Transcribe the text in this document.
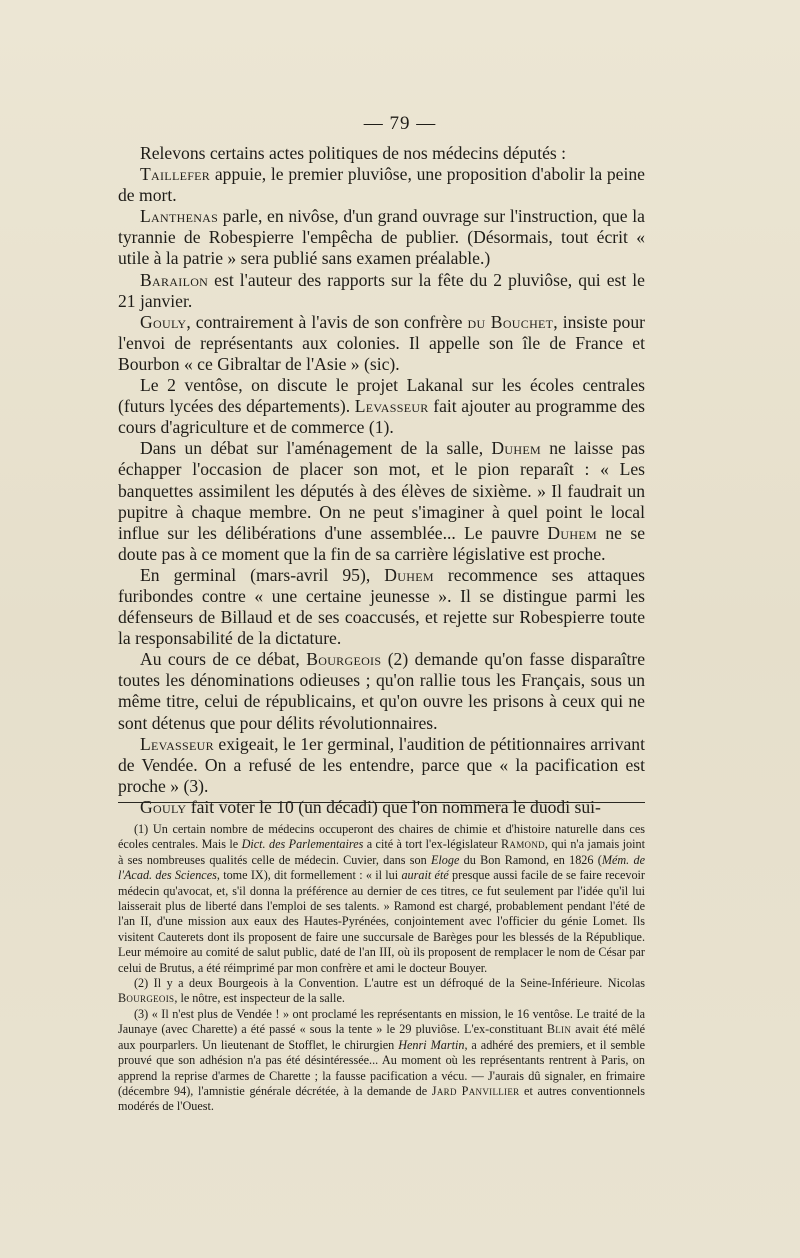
— 79 —

Relevons certains actes politiques de nos médecins députés :

Taillefer appuie, le premier pluviôse, une proposition d'abolir la peine de mort.

Lanthenas parle, en nivôse, d'un grand ouvrage sur l'instruction, que la tyrannie de Robespierre l'empêcha de publier. (Désormais, tout écrit « utile à la patrie » sera publié sans examen préalable.)

Barailon est l'auteur des rapports sur la fête du 2 pluviôse, qui est le 21 janvier.

Gouly, contrairement à l'avis de son confrère du Bouchet, insiste pour l'envoi de représentants aux colonies. Il appelle son île de France et Bourbon « ce Gibraltar de l'Asie » (sic).

Le 2 ventôse, on discute le projet Lakanal sur les écoles centrales (futurs lycées des départements). Levasseur fait ajouter au programme des cours d'agriculture et de commerce (1).

Dans un débat sur l'aménagement de la salle, Duhem ne laisse pas échapper l'occasion de placer son mot, et le pion reparaît : « Les banquettes assimilent les députés à des élèves de sixième. » Il faudrait un pupitre à chaque membre. On ne peut s'imaginer à quel point le local influe sur les délibérations d'une assemblée... Le pauvre Duhem ne se doute pas à ce moment que la fin de sa carrière législative est proche.

En germinal (mars-avril 95), Duhem recommence ses attaques furibondes contre « une certaine jeunesse ». Il se distingue parmi les défenseurs de Billaud et de ses coaccusés, et rejette sur Robespierre toute la responsabilité de la dictature.

Au cours de ce débat, Bourgeois (2) demande qu'on fasse disparaître toutes les dénominations odieuses ; qu'on rallie tous les Français, sous un même titre, celui de républicains, et qu'on ouvre les prisons à ceux qui ne sont détenus que pour délits révolutionnaires.

Levasseur exigeait, le 1er germinal, l'audition de pétitionnaires arrivant de Vendée. On a refusé de les entendre, parce que « la pacification est proche » (3).

Gouly fait voter le 10 (un décadi) que l'on nommera le duodi sui-

(1) Un certain nombre de médecins occuperont des chaires de chimie et d'histoire naturelle dans ces écoles centrales. Mais le Dict. des Parlementaires a cité à tort l'ex-législateur Ramond, qui n'a jamais joint à ses nombreuses qualités celle de médecin. Cuvier, dans son Eloge du Bon Ramond, en 1826 (Mém. de l'Acad. des Sciences, tome IX), dit formellement : « il lui aurait été presque aussi facile de se faire recevoir médecin qu'avocat, et, s'il donna la préférence au dernier de ces titres, ce fut seulement par l'idée qu'il lui laisserait plus de liberté dans l'emploi de ses talents. » Ramond est chargé, probablement pendant l'été de l'an II, d'une mission aux eaux des Hautes-Pyrénées, conjointement avec l'officier du génie Lomet. Ils visitent Cauterets dont ils proposent de faire une succursale de Barèges pour les blessés de la République. Leur mémoire au comité de salut public, daté de l'an III, où ils proposent de remplacer le nom de César par celui de Brutus, a été réimprimé par mon confrère et ami le docteur Bouyer.

(2) Il y a deux Bourgeois à la Convention. L'autre est un défroqué de la Seine-Inférieure. Nicolas Bourgeois, le nôtre, est inspecteur de la salle.

(3) « Il n'est plus de Vendée ! » ont proclamé les représentants en mission, le 16 ventôse. Le traité de la Jaunaye (avec Charette) a été passé « sous la tente » le 29 pluviôse. L'ex-constituant Blin avait été mêlé aux pourparlers. Un lieutenant de Stofflet, le chirurgien Henri Martin, a adhéré des premiers, et il semble prouvé que son adhésion n'a pas été désintéressée... Au moment où les représentants rentrent à Paris, on apprend la reprise d'armes de Charette ; la fausse pacification a vécu. — J'aurais dû signaler, en frimaire (décembre 94), l'amnistie générale décrétée, à la demande de Jard Panvillier et autres conventionnels modérés de l'Ouest.
